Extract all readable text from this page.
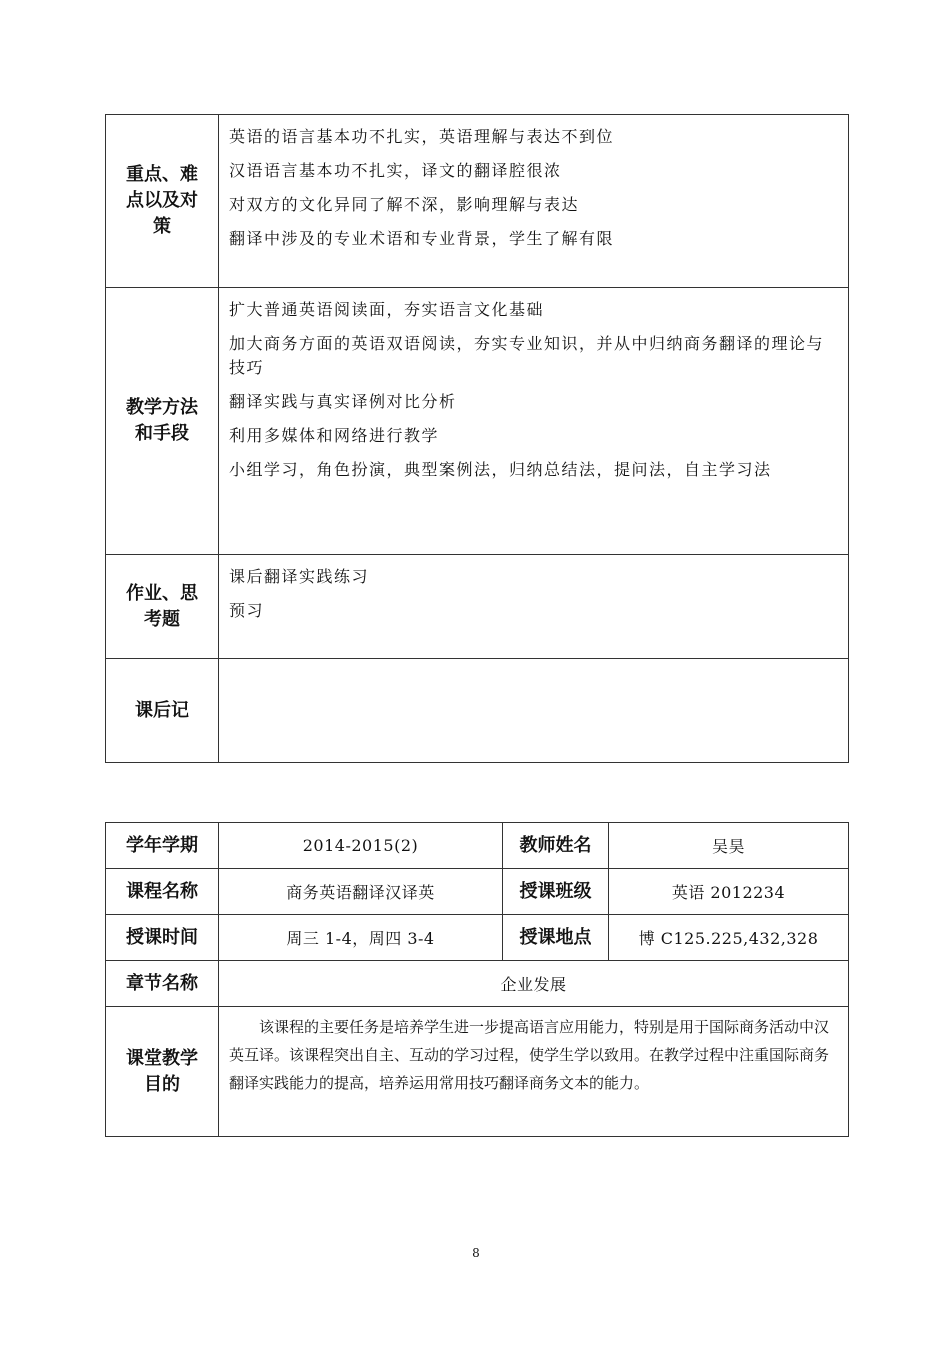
重点、难点以及对策	英语的语言基本功不扎实，英语理解与表达不到位
汉语语言基本功不扎实，译文的翻译腔很浓
对双方的文化异同了解不深，影响理解与表达
翻译中涉及的专业术语和专业背景，学生了解有限

教学方法和手段	扩大普通英语阅读面，夯实语言文化基础
加大商务方面的英语双语阅读，夯实专业知识，并从中归纳商务翻译的理论与技巧
翻译实践与真实译例对比分析
利用多媒体和网络进行教学
小组学习，角色扮演，典型案例法，归纳总结法，提问法，自主学习法

作业、思考题	课后翻译实践练习
预习

课后记	
学年学期	2014-2015(2)	教师姓名	吴昊
课程名称	商务英语翻译汉译英	授课班级	英语 2012234
授课时间	周三 1-4，周四 3-4	授课地点	博 C125.225,432,328
章节名称	企业发展		

课堂教学目的	该课程的主要任务是培养学生进一步提高语言应用能力，特别是用于国际商务活动中汉英互译。该课程突出自主、互动的学习过程，使学生学以致用。在教学过程中注重国际商务翻译实践能力的提高，培养运用常用技巧翻译商务文本的能力。		
8
